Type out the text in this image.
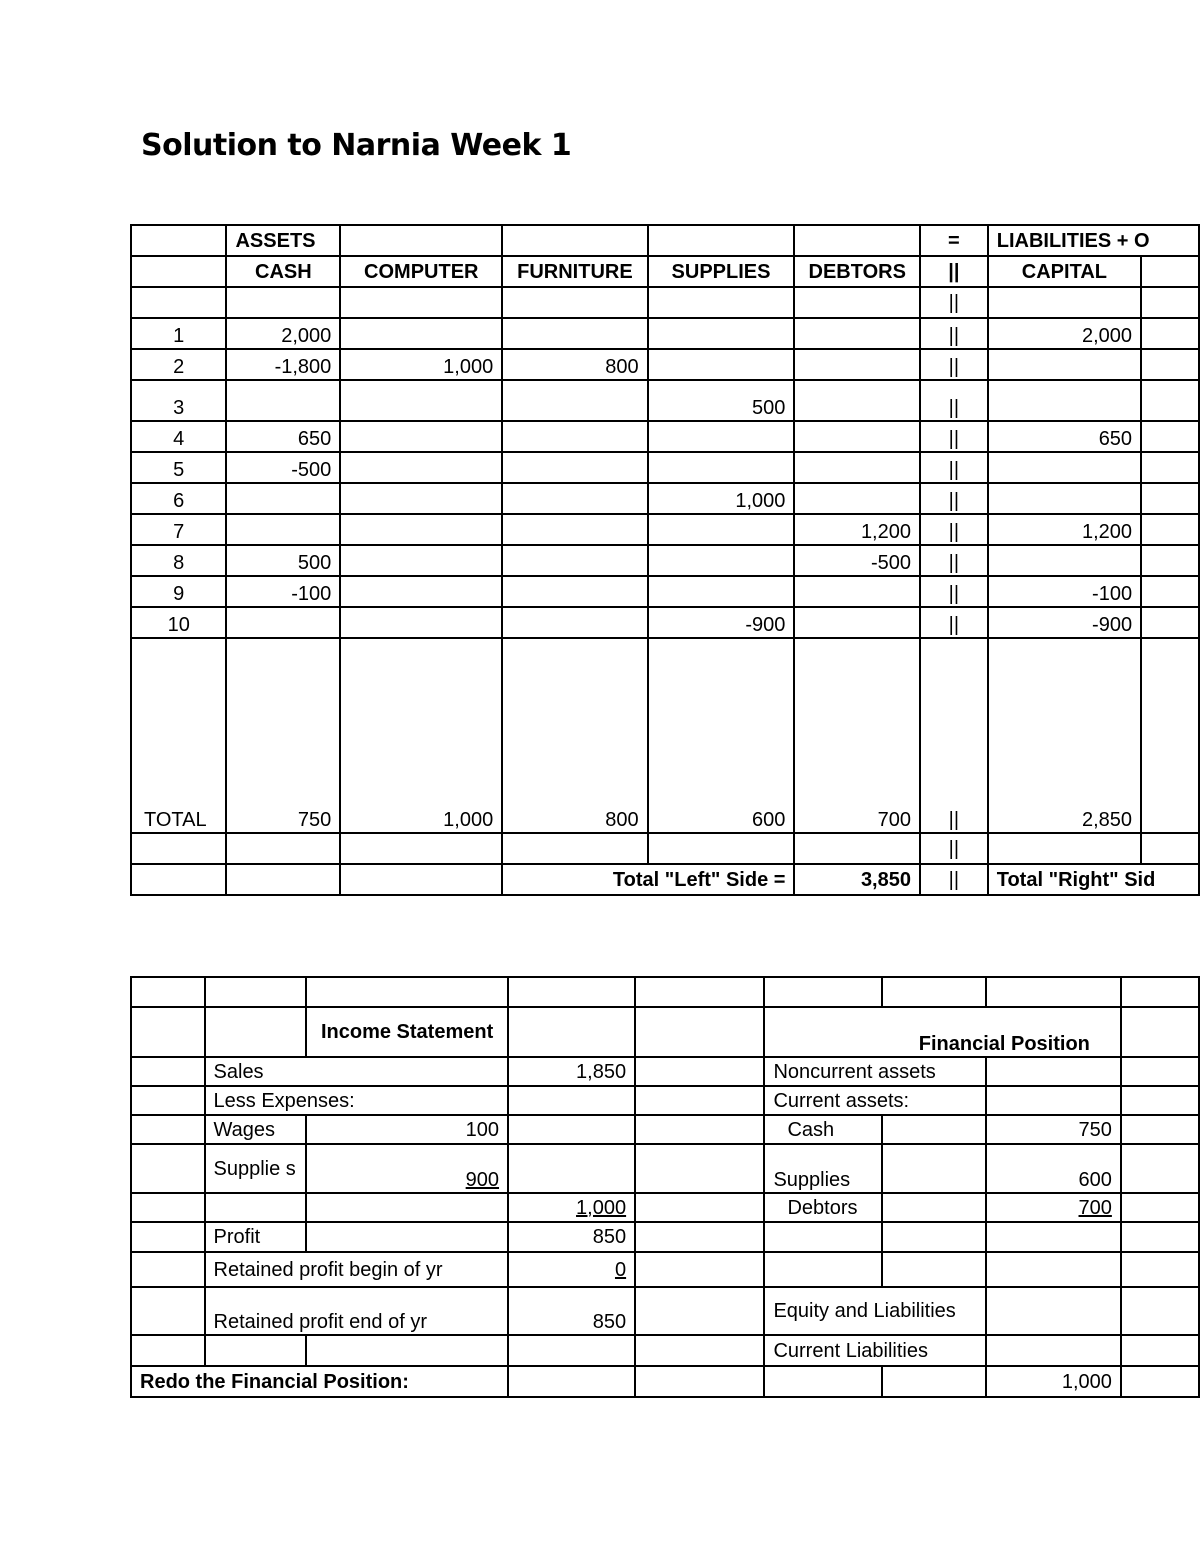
Solution to Narnia Week 1
	ASSETS					=	LIABILITIES + O	
	CASH	COMPUTER	FURNITURE	SUPPLIES	DEBTORS	||	CAPITAL	
						||		
1	2,000					||	2,000	
2	-1,800	1,000	800			||		
3				500		||		
4	650					||	650	
5	-500					||		
6				1,000		||		
7					1,200	||	1,200	
8	500				-500	||		
9	-100					||	-100	
10				-900		||	-900	
TOTAL	750	1,000	800	600	700	||	2,850	
						||		
			Total "Left" Side =		3,850	||	Total "Right" Sid	

		Income Statement			Financial Position			
	Sales		1,850		Noncurrent assets			
	Less Expenses:				Current assets:			
	Wages	100			Cash		750	
	Supplie s	900			Supplies		600	
			1,000		Debtors		700	
	Profit		850					
	Retained profit begin of yr		0					
	Retained profit end of yr		850		Equity and Liabilities			
					Current Liabilities			
Redo the Financial Position:							1,000	
